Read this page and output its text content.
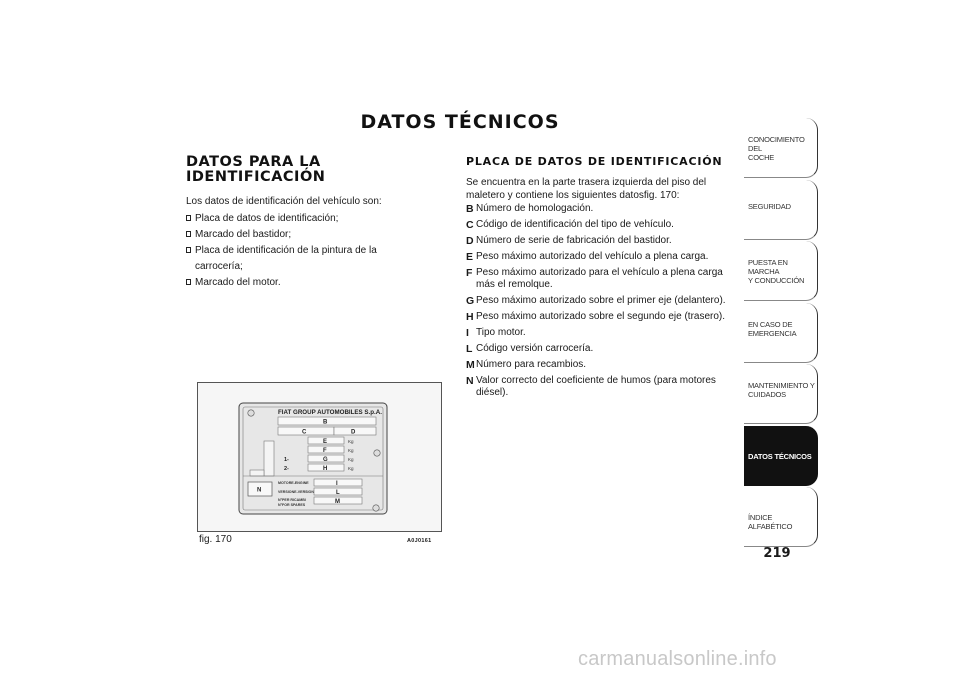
DATOS TÉCNICOS
DATOS PARA LA
IDENTIFICACIÓN
Los datos de identificación del vehículo son:
Placa de datos de identificación;
Marcado del bastidor;
Placa de identificación de la pintura de la carrocería;
Marcado del motor.
PLACA DE DATOS DE IDENTIFICACIÓN
Se encuentra en la parte trasera izquierda del piso del maletero y contiene los siguientes datosfig. 170:
B Número de homologación.
C Código de identificación del tipo de vehículo.
D Número de serie de fabricación del bastidor.
E Peso máximo autorizado del vehículo a plena carga.
F Peso máximo autorizado para el vehículo a plena carga más el remolque.
G Peso máximo autorizado sobre el primer eje (delantero).
H Peso máximo autorizado sobre el segundo eje (trasero).
I Tipo motor.
L Código versión carrocería.
M Número para recambios.
N Valor correcto del coeficiente de humos (para motores diésel).
FIAT GROUP AUTOMOBILES S.p.A.
B
C	D
E	Kg
F	Kg
1-	G	Kg
2-	H	Kg
N
MOTORE-ENGINE	I
VERSIONE-VERSION	L
N°PER RICAMBI
N°FOR SPARES	M
fig. 170	A0J0161
CONOCIMIENTO DEL
COCHE
SEGURIDAD
PUESTA EN MARCHA
Y CONDUCCIÓN
EN CASO DE
EMERGENCIA
MANTENIMIENTO Y
CUIDADOS
DATOS TÉCNICOS
ÍNDICE ALFABÉTICO
219
carmanualsonline.info
